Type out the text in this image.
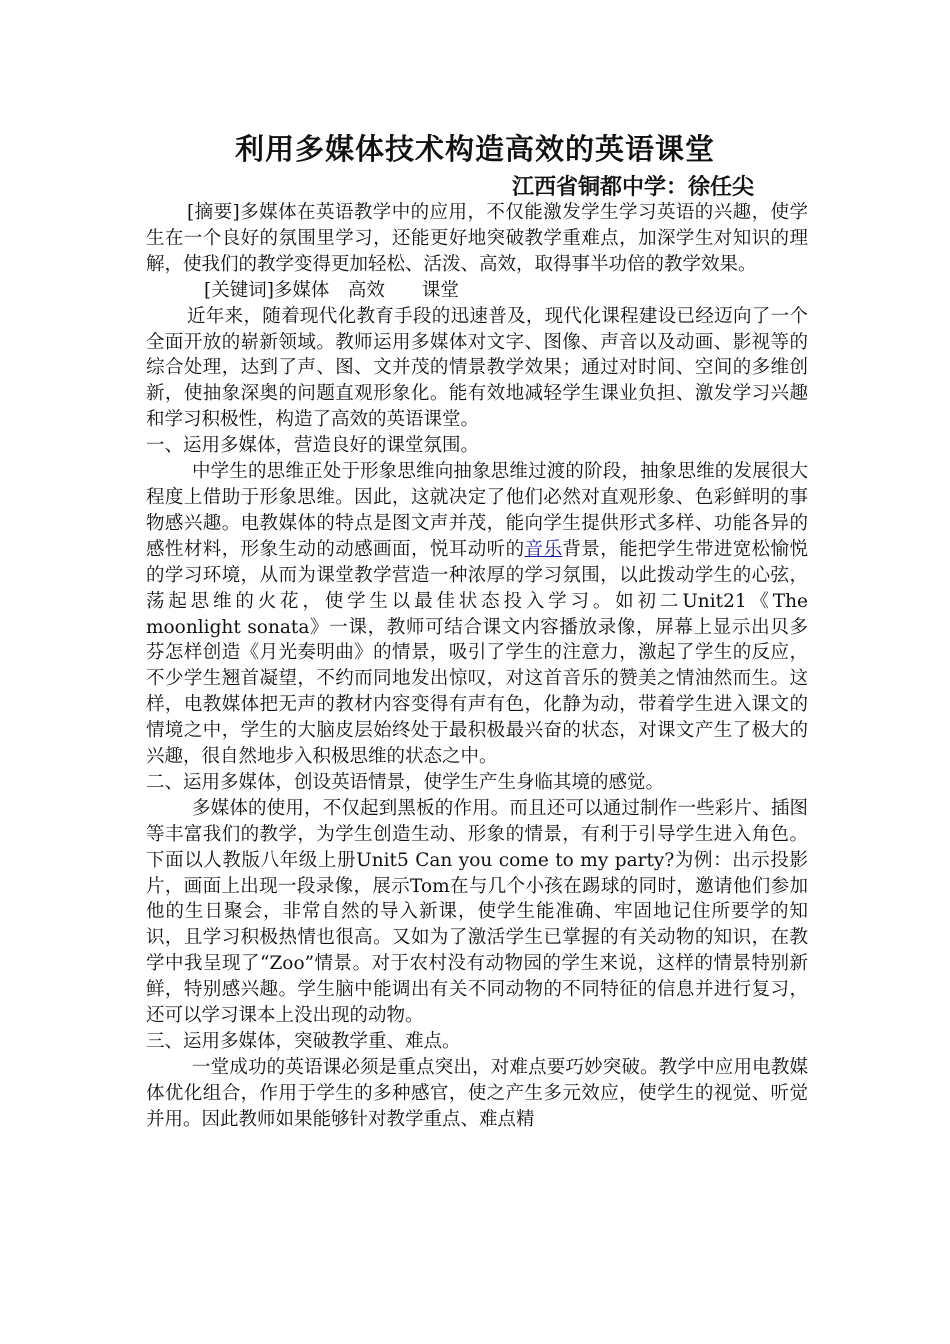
利用多媒体技术构造高效的英语课堂
江西省铜都中学：徐任尖

[摘要]多媒体在英语教学中的应用，不仅能激发学生学习英语的兴趣，使学生在一个良好的氛围里学习，还能更好地突破教学重难点，加深学生对知识的理解，使我们的教学变得更加轻松、活泼、高效，取得事半功倍的教学效果。

[关键词]多媒体　高效　　课堂

近年来，随着现代化教育手段的迅速普及，现代化课程建设已经迈向了一个全面开放的崭新领域。教师运用多媒体对文字、图像、声音以及动画、影视等的综合处理，达到了声、图、文并茂的情景教学效果；通过对时间、空间的多维创新，使抽象深奥的问题直观形象化。能有效地减轻学生课业负担、激发学习兴趣和学习积极性，构造了高效的英语课堂。

一、运用多媒体，营造良好的课堂氛围。

中学生的思维正处于形象思维向抽象思维过渡的阶段，抽象思维的发展很大程度上借助于形象思维。因此，这就决定了他们必然对直观形象、色彩鲜明的事物感兴趣。电教媒体的特点是图文声并茂，能向学生提供形式多样、功能各异的感性材料，形象生动的动感画面，悦耳动听的音乐背景，能把学生带进宽松愉悦的学习环境，从而为课堂教学营造一种浓厚的学习氛围，以此拨动学生的心弦，荡起思维的火花，使学生以最佳状态投入学习。如初二Unit21《The moonlight sonata》一课，教师可结合课文内容播放录像，屏幕上显示出贝多芬怎样创造《月光奏明曲》的情景，吸引了学生的注意力，激起了学生的反应，不少学生翘首凝望，不约而同地发出惊叹，对这首音乐的赞美之情油然而生。这样，电教媒体把无声的教材内容变得有声有色，化静为动，带着学生进入课文的情境之中，学生的大脑皮层始终处于最积极最兴奋的状态，对课文产生了极大的兴趣，很自然地步入积极思维的状态之中。

二、运用多媒体，创设英语情景，使学生产生身临其境的感觉。

多媒体的使用，不仅起到黑板的作用。而且还可以通过制作一些彩片、插图等丰富我们的教学，为学生创造生动、形象的情景，有利于引导学生进入角色。下面以人教版八年级上册Unit5 Can you come to my party?为例：出示投影片，画面上出现一段录像，展示Tom在与几个小孩在踢球的同时，邀请他们参加他的生日聚会，非常自然的导入新课，使学生能准确、牢固地记住所要学的知识，且学习积极热情也很高。又如为了激活学生已掌握的有关动物的知识，在教学中我呈现了“Zoo”情景。对于农村没有动物园的学生来说，这样的情景特别新鲜，特别感兴趣。学生脑中能调出有关不同动物的不同特征的信息并进行复习，还可以学习课本上没出现的动物。

三、运用多媒体，突破教学重、难点。

一堂成功的英语课必须是重点突出，对难点要巧妙突破。教学中应用电教媒体优化组合，作用于学生的多种感官，使之产生多元效应，使学生的视觉、听觉并用。因此教师如果能够针对教学重点、难点精
